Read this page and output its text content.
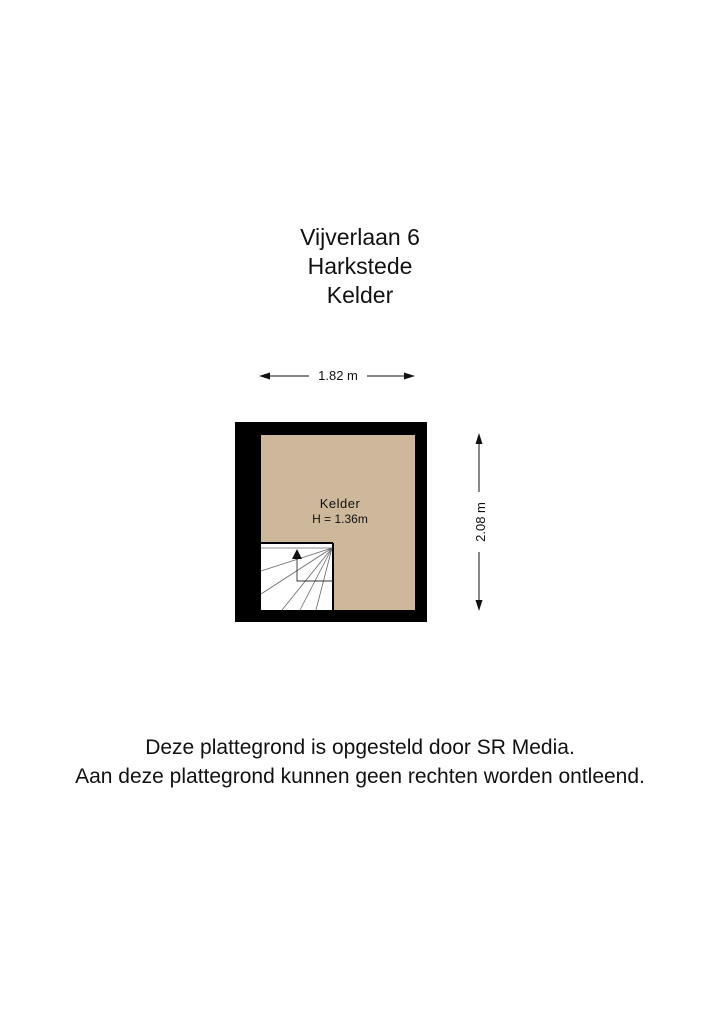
Vijverlaan 6
Harkstede
Kelder
1.82 m
2.08 m
Kelder
H = 1.36m
Deze plattegrond is opgesteld door SR Media.
Aan deze plattegrond kunnen geen rechten worden ontleend.
